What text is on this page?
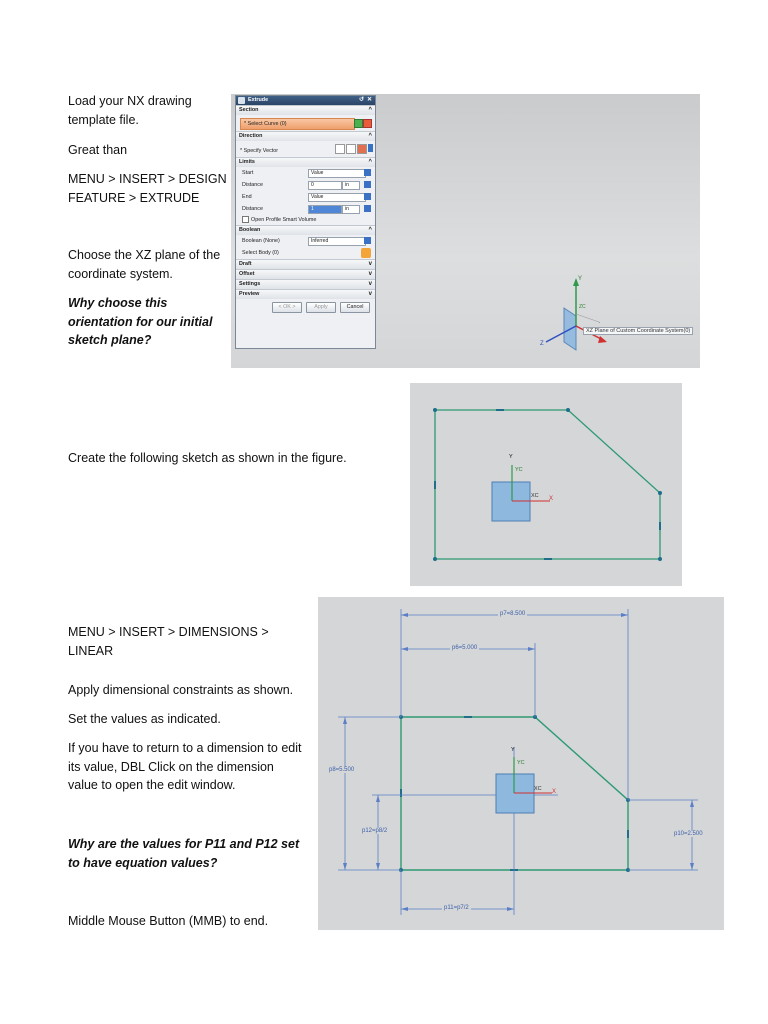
Load your NX drawing template file.
Great than
MENU > INSERT > DESIGN FEATURE > EXTRUDE
Choose the XZ plane of the coordinate system.
Why choose this orientation for our initial sketch plane?
Create the following sketch as shown in the figure.
MENU > INSERT > DIMENSIONS > LINEAR
Apply dimensional constraints as shown.
Set the values as indicated.
If you have to return to a dimension to edit its value, DBL Click on the dimension value to open the edit window.
Why are the values for P11 and P12 set to have equation values?
Middle Mouse Button (MMB) to end.
Extrude	↺ ✕
Section	^
* Select Curve (0)
Direction	^
* Specify Vector
Limits	^
Start	Value
Distance	0	in
End	Value
Distance	1	in
Open Profile Smart Volume
Boolean	^
Boolean (None)	Inferred
Select Body (0)
Draft	v
Offset	v
Settings	v
Preview	v
< OK >	Apply	Cancel
Y
ZC
Z
XZ Plane of Custom Coordinate System(0)
Y
YC
XC X
p7=8.500
p6=5.000
p8=5.500
p12=p8/2	p10=2.500
p11=p7/2
Y
YC
XC X
